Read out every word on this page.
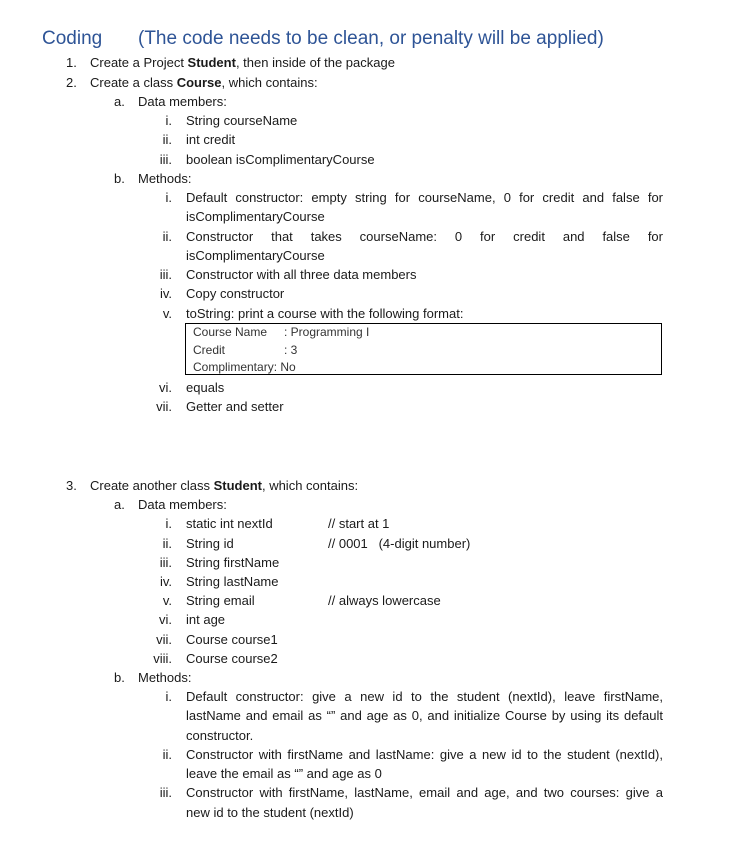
Coding (The code needs to be clean, or penalty will be applied)
1. Create a Project Student, then inside of the package
2. Create a class Course, which contains:
a. Data members:
i. String courseName
ii. int credit
iii. boolean isComplimentaryCourse
b. Methods:
i. Default constructor: empty string for courseName, 0 for credit and false for
isComplimentaryCourse
ii. Constructor that takes courseName: 0 for credit and false for
isComplimentaryCourse
iii. Constructor with all three data members
iv. Copy constructor
v. toString: print a course with the following format:
Course Name : Programming I
Credit	: 3
Complimentary: No
vi. equals
vii. Getter and setter
3. Create another class Student, which contains:
a. Data members:
i. static int nextId	// start at 1
ii. String id	// 0001   (4-digit number)
iii. String firstName
iv. String lastName
v. String email	// always lowercase
vi. int age
vii. Course course1
viii. Course course2
b. Methods:
i. Default constructor: give a new id to the student (nextId), leave firstName,
lastName and email as “” and age as 0, and initialize Course by using its default
constructor.
ii. Constructor with firstName and lastName: give a new id to the student (nextId),
leave the email as “” and age as 0
iii. Constructor with firstName, lastName, email and age, and two courses: give a
new id to the student (nextId)
